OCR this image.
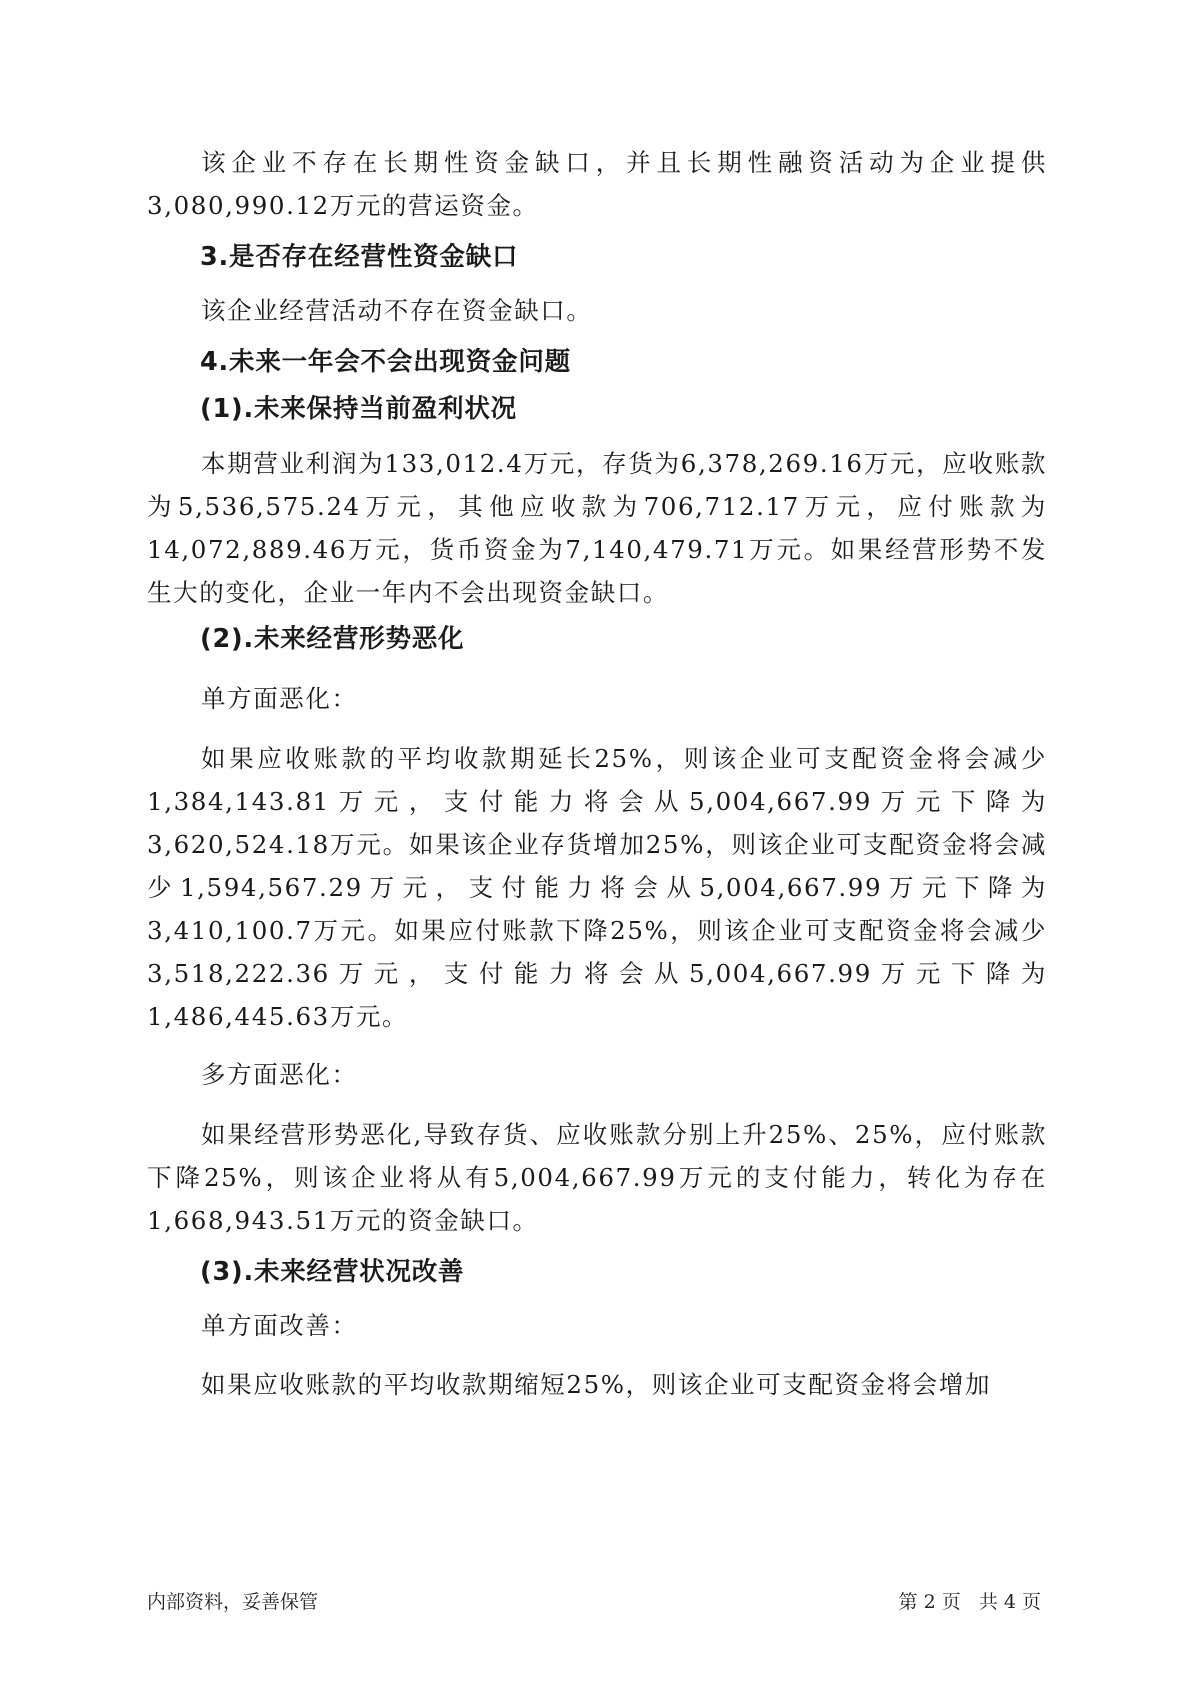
该企业不存在长期性资金缺口，并且长期性融资活动为企业提供3,080,990.12万元的营运资金。

3.是否存在经营性资金缺口

该企业经营活动不存在资金缺口。

4.未来一年会不会出现资金问题
(1).未来保持当前盈利状况

本期营业利润为133,012.4万元，存货为6,378,269.16万元，应收账款为5,536,575.24万元，其他应收款为706,712.17万元，应付账款为14,072,889.46万元，货币资金为7,140,479.71万元。如果经营形势不发生大的变化，企业一年内不会出现资金缺口。

(2).未来经营形势恶化

单方面恶化：

如果应收账款的平均收款期延长25%，则该企业可支配资金将会减少1,384,143.81万元，支付能力将会从5,004,667.99万元下降为3,620,524.18万元。如果该企业存货增加25%，则该企业可支配资金将会减少1,594,567.29万元，支付能力将会从5,004,667.99万元下降为3,410,100.7万元。如果应付账款下降25%，则该企业可支配资金将会减少3,518,222.36万元，支付能力将会从5,004,667.99万元下降为1,486,445.63万元。

多方面恶化：

如果经营形势恶化,导致存货、应收账款分别上升25%、25%，应付账款下降25%，则该企业将从有5,004,667.99万元的支付能力，转化为存在1,668,943.51万元的资金缺口。

(3).未来经营状况改善

单方面改善：

如果应收账款的平均收款期缩短25%，则该企业可支配资金将会增加

内部资料，妥善保管	第 2 页   共 4 页
